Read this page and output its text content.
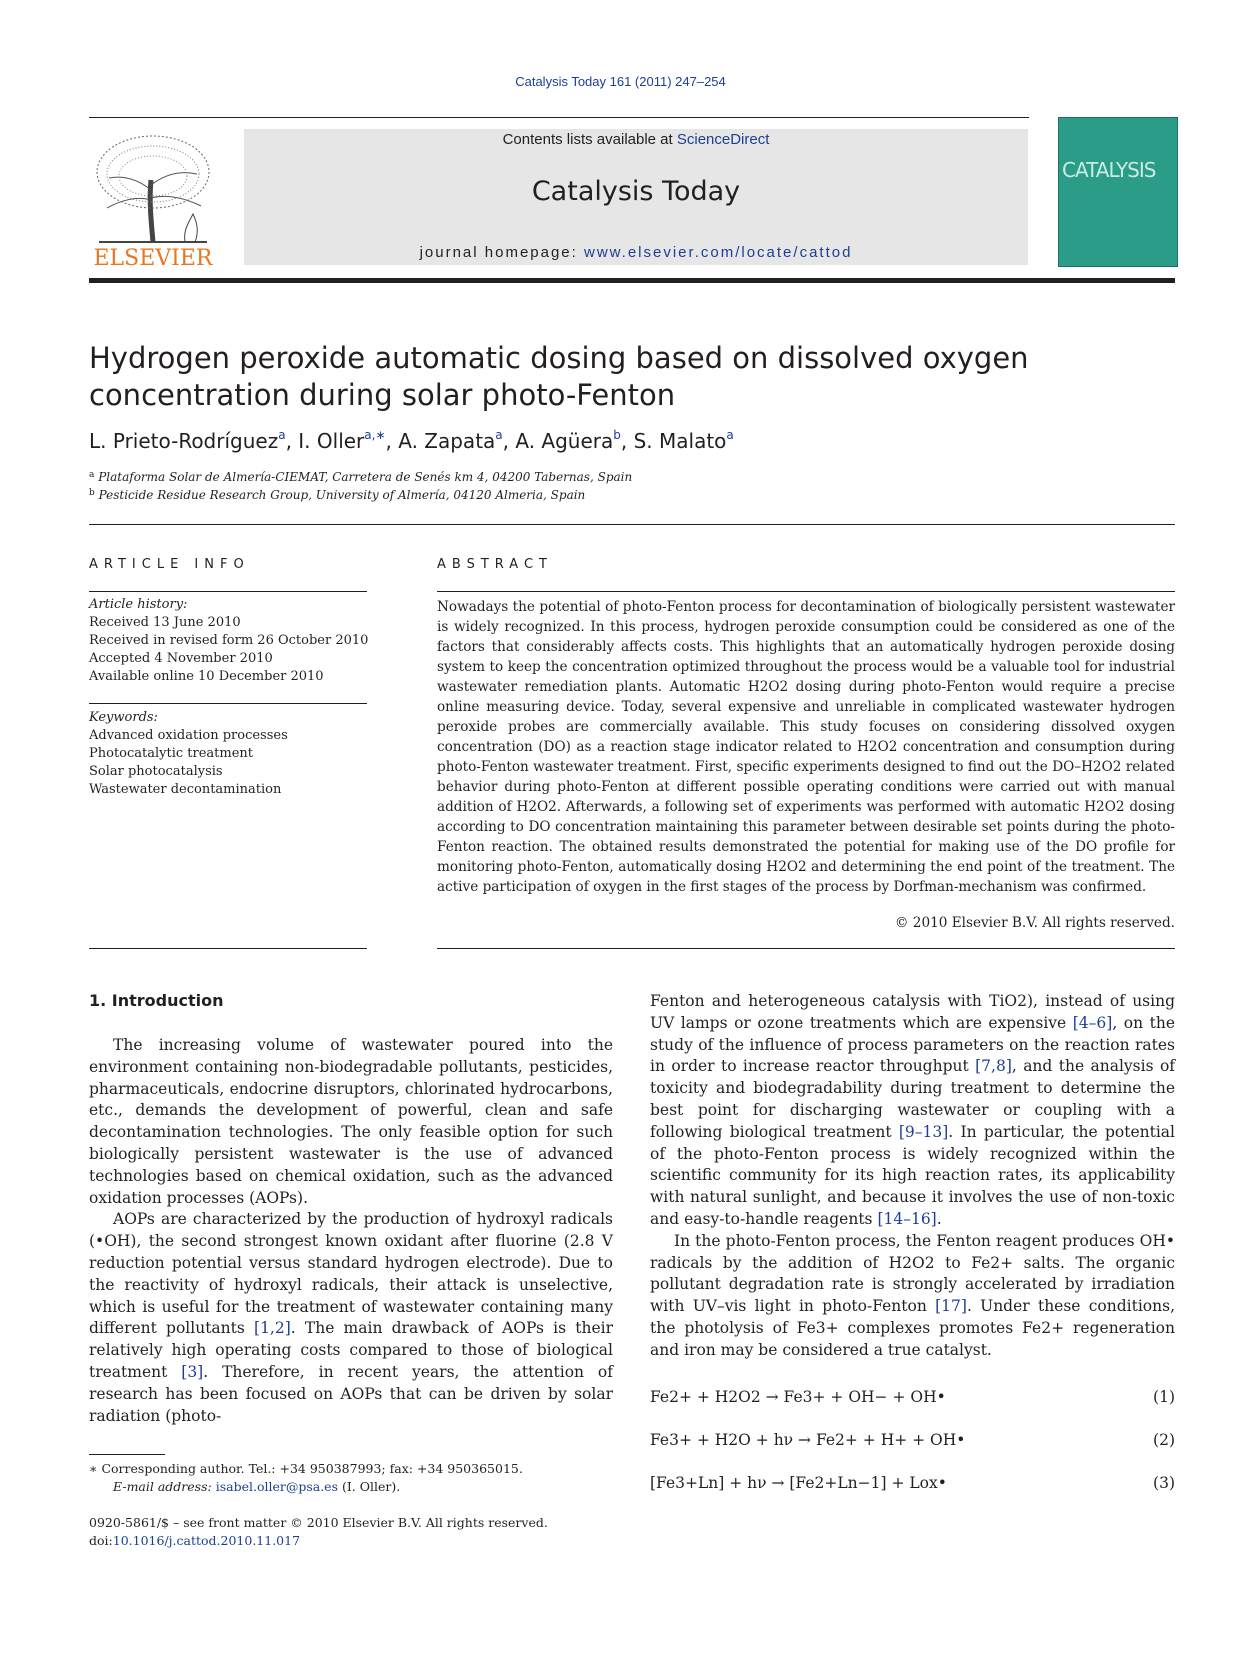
Catalysis Today 161 (2011) 247–254
Contents lists available at ScienceDirect
Catalysis Today
journal homepage: www.elsevier.com/locate/cattod
ELSEVIER
CATALYSIS
Hydrogen peroxide automatic dosing based on dissolved oxygen concentration during solar photo-Fenton
L. Prieto-Rodríguez$^a$, I. Oller$^{a,∗}$, A. Zapata$^a$, A. Agüera$^b$, S. Malato$^a$
$^a$ Plataforma Solar de Almería-CIEMAT, Carretera de Senés km 4, 04200 Tabernas, Spain
$^b$ Pesticide Residue Research Group, University of Almería, 04120 Almeria, Spain
ARTICLE INFO	ABSTRACT
Article history:
Received 13 June 2010
Received in revised form 26 October 2010
Accepted 4 November 2010
Available online 10 December 2010
Keywords:
Advanced oxidation processes
Photocatalytic treatment
Solar photocatalysis
Wastewater decontamination
Nowadays the potential of photo-Fenton process for decontamination of biologically persistent wastewater is widely recognized. In this process, hydrogen peroxide consumption could be considered as one of the factors that considerably affects costs. This highlights that an automatically hydrogen peroxide dosing system to keep the concentration optimized throughout the process would be a valuable tool for industrial wastewater remediation plants. Automatic H2O2 dosing during photo-Fenton would require a precise online measuring device. Today, several expensive and unreliable in complicated wastewater hydrogen peroxide probes are commercially available. This study focuses on considering dissolved oxygen concentration (DO) as a reaction stage indicator related to H2O2 concentration and consumption during photo-Fenton wastewater treatment. First, specific experiments designed to find out the DO–H2O2 related behavior during photo-Fenton at different possible operating conditions were carried out with manual addition of H2O2. Afterwards, a following set of experiments was performed with automatic H2O2 dosing according to DO concentration maintaining this parameter between desirable set points during the photo-Fenton reaction. The obtained results demonstrated the potential for making use of the DO profile for monitoring photo-Fenton, automatically dosing H2O2 and determining the end point of the treatment. The active participation of oxygen in the first stages of the process by Dorfman-mechanism was confirmed.
© 2010 Elsevier B.V. All rights reserved.
1. Introduction

The increasing volume of wastewater poured into the environment containing non-biodegradable pollutants, pesticides, pharmaceuticals, endocrine disruptors, chlorinated hydrocarbons, etc., demands the development of powerful, clean and safe decontamination technologies. The only feasible option for such biologically persistent wastewater is the use of advanced technologies based on chemical oxidation, such as the advanced oxidation processes (AOPs).

AOPs are characterized by the production of hydroxyl radicals (•OH), the second strongest known oxidant after fluorine (2.8 V reduction potential versus standard hydrogen electrode). Due to the reactivity of hydroxyl radicals, their attack is unselective, which is useful for the treatment of wastewater containing many different pollutants [1,2]. The main drawback of AOPs is their relatively high operating costs compared to those of biological treatment [3]. Therefore, in recent years, the attention of research has been focused on AOPs that can be driven by solar radiation (photo-

Fenton and heterogeneous catalysis with TiO2), instead of using UV lamps or ozone treatments which are expensive [4–6], on the study of the influence of process parameters on the reaction rates in order to increase reactor throughput [7,8], and the analysis of toxicity and biodegradability during treatment to determine the best point for discharging wastewater or coupling with a following biological treatment [9–13]. In particular, the potential of the photo-Fenton process is widely recognized within the scientific community for its high reaction rates, its applicability with natural sunlight, and because it involves the use of non-toxic and easy-to-handle reagents [14–16].

In the photo-Fenton process, the Fenton reagent produces OH• radicals by the addition of H2O2 to Fe2+ salts. The organic pollutant degradation rate is strongly accelerated by irradiation with UV–vis light in photo-Fenton [17]. Under these conditions, the photolysis of Fe3+ complexes promotes Fe2+ regeneration and iron may be considered a true catalyst.

Fe2+ + H2O2 → Fe3+ + OH− + OH•	(1)
Fe3+ + H2O + hν → Fe2+ + H+ + OH•	(2)
[Fe3+Ln] + hν → [Fe2+Ln−1] + Lox•	(3)
∗ Corresponding author. Tel.: +34 950387993; fax: +34 950365015.
E-mail address: isabel.oller@psa.es (I. Oller).
0920-5861/$ – see front matter © 2010 Elsevier B.V. All rights reserved.
doi:10.1016/j.cattod.2010.11.017
